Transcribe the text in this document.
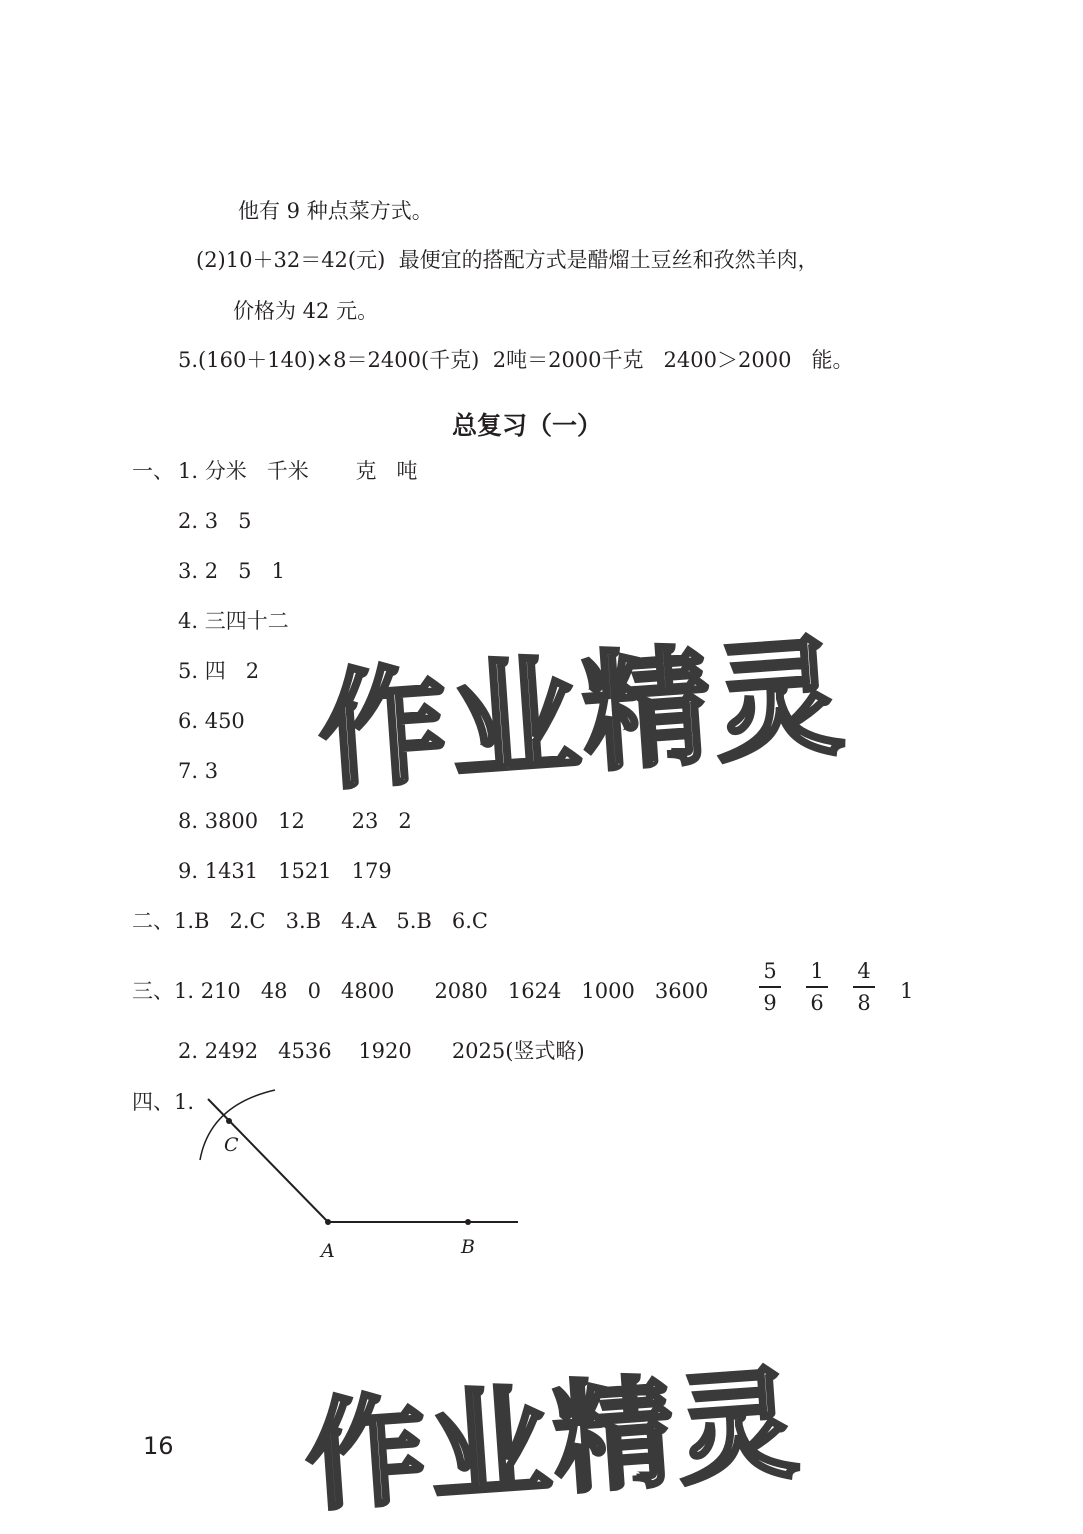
他有 9 种点菜方式。
(2)10＋32＝42(元)  最便宜的搭配方式是醋熘土豆丝和孜然羊肉，
价格为 42 元。
5.(160＋140)×8＝2400(千克)  2吨＝2000千克   2400＞2000   能。
总复习（一）
一、 1. 分米   千米       克   吨
2. 3   5
3. 2   5   1
4. 三四十二
5. 四   2
6. 450
7. 3
8. 3800   12       23   2
9. 1431   1521   179
二、1.B   2.C   3.B   4.A   5.B   6.C
三、1. 210   48   0   4800      2080   1624   1000   3600
5
9
1
6
4
8 1
2. 2492   4536    1920      2025(竖式略)
四、1.
C
A	B
作业精灵
作业精灵
16
